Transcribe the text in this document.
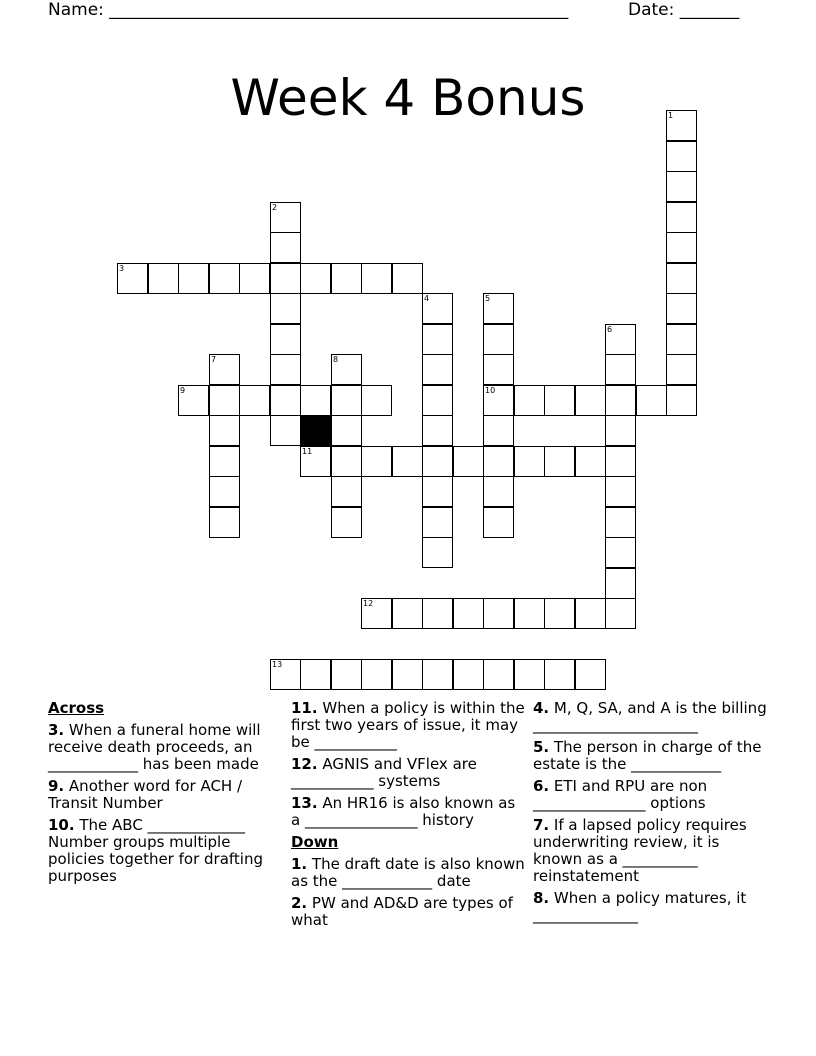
Name: ______________________________________________________	Date: _______
Week 4 Bonus	1
2
3
4	5
6
7	8
9	10
11
12
13
Across
3. When a funeral home will receive death proceeds, an ____________ has been made
9. Another word for ACH / Transit Number
10. The ABC _____________ Number groups multiple policies together for drafting purposes
11. When a policy is within the first two years of issue, it may be ___________
12. AGNIS and VFlex are ___________ systems
13. An HR16 is also known as a _______________ history
Down
1. The draft date is also known as the ____________ date
2. PW and AD&D are types of what
4. M, Q, SA, and A is the billing ______________________
5. The person in charge of the estate is the ____________
6. ETI and RPU are non _______________ options
7. If a lapsed policy requires underwriting review, it is known as a __________ reinstatement
8. When a policy matures, it ______________
